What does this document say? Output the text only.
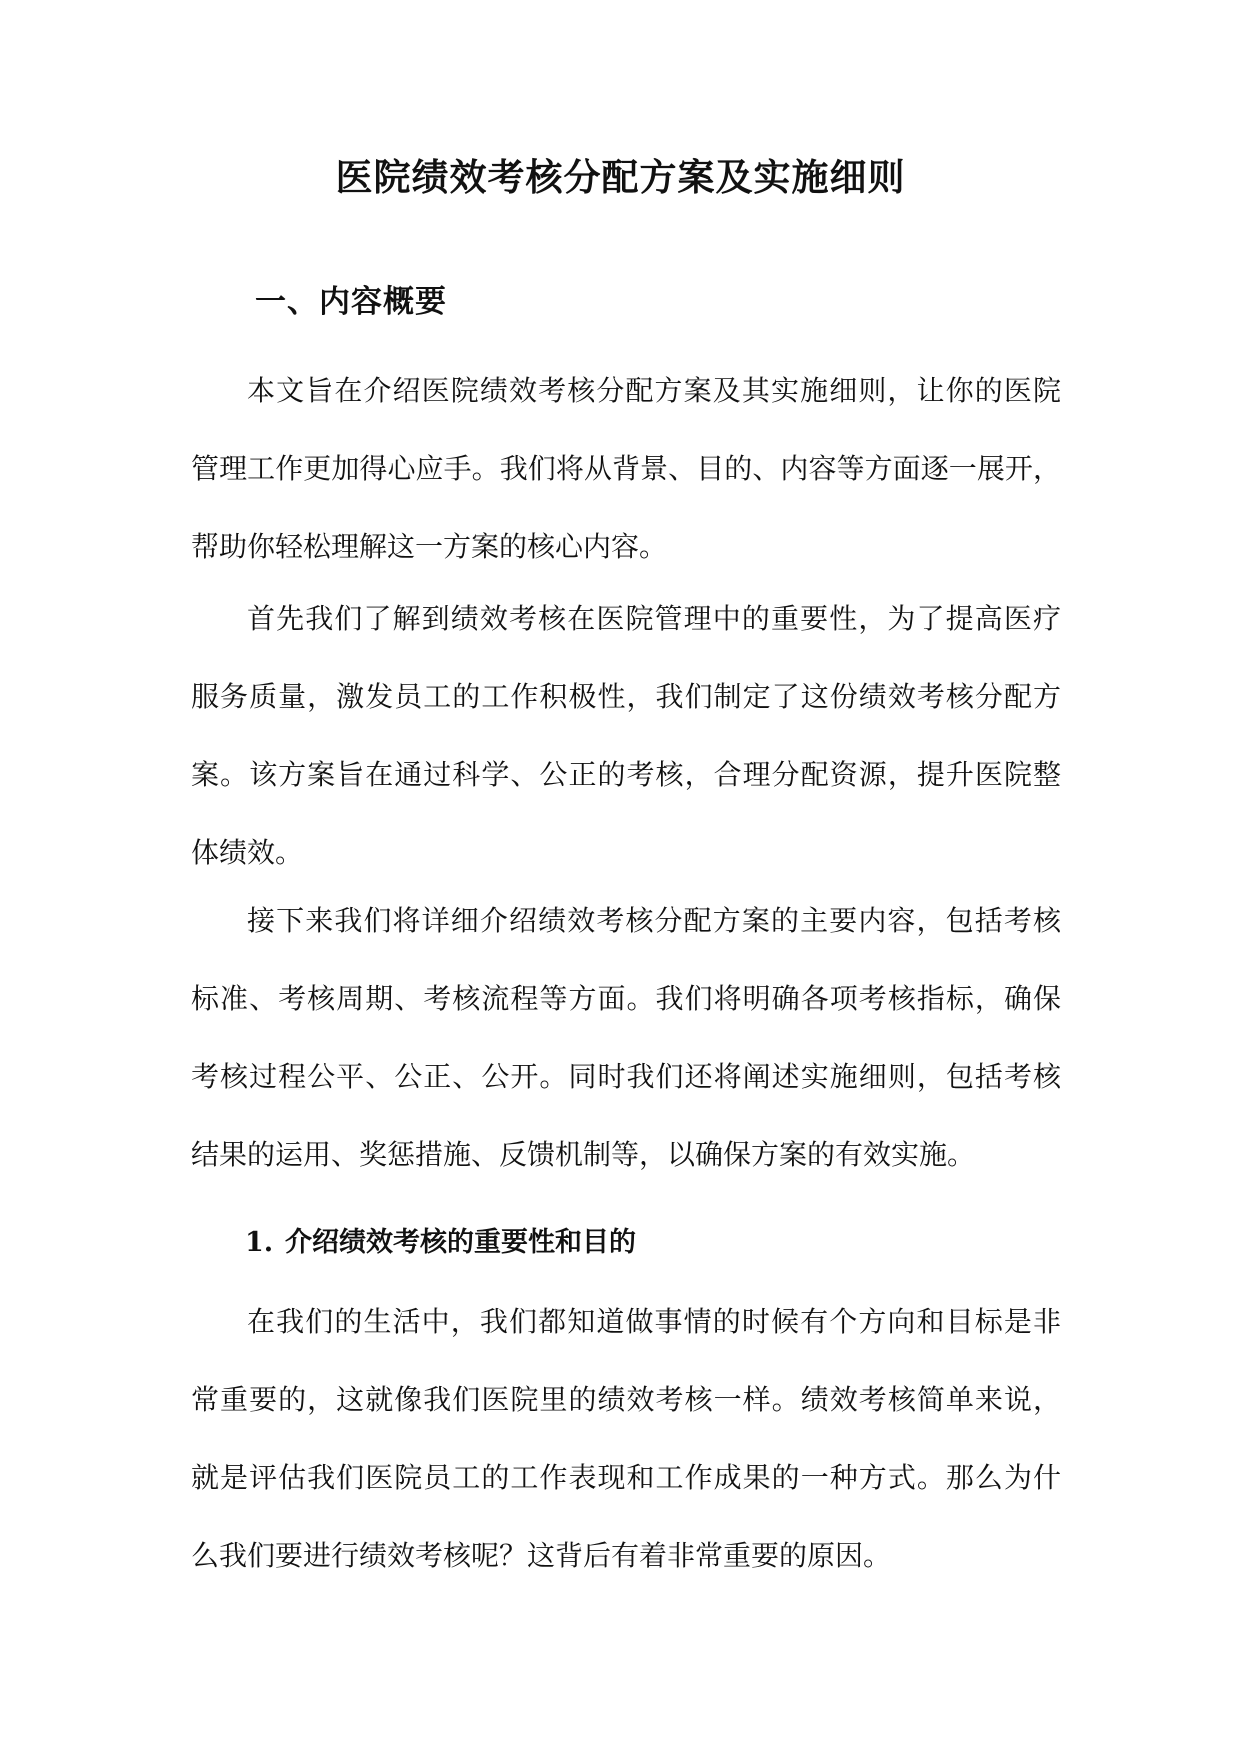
医院绩效考核分配方案及实施细则
一、内容概要
本文旨在介绍医院绩效考核分配方案及其实施细则，让你的医院
管理工作更加得心应手。我们将从背景、目的、内容等方面逐一展开，
帮助你轻松理解这一方案的核心内容。
首先我们了解到绩效考核在医院管理中的重要性，为了提高医疗
服务质量，激发员工的工作积极性，我们制定了这份绩效考核分配方
案。该方案旨在通过科学、公正的考核，合理分配资源，提升医院整
体绩效。
接下来我们将详细介绍绩效考核分配方案的主要内容，包括考核
标准、考核周期、考核流程等方面。我们将明确各项考核指标，确保
考核过程公平、公正、公开。同时我们还将阐述实施细则，包括考核
结果的运用、奖惩措施、反馈机制等，以确保方案的有效实施。
1. 介绍绩效考核的重要性和目的
在我们的生活中，我们都知道做事情的时候有个方向和目标是非
常重要的，这就像我们医院里的绩效考核一样。绩效考核简单来说，
就是评估我们医院员工的工作表现和工作成果的一种方式。那么为什
么我们要进行绩效考核呢？这背后有着非常重要的原因。
